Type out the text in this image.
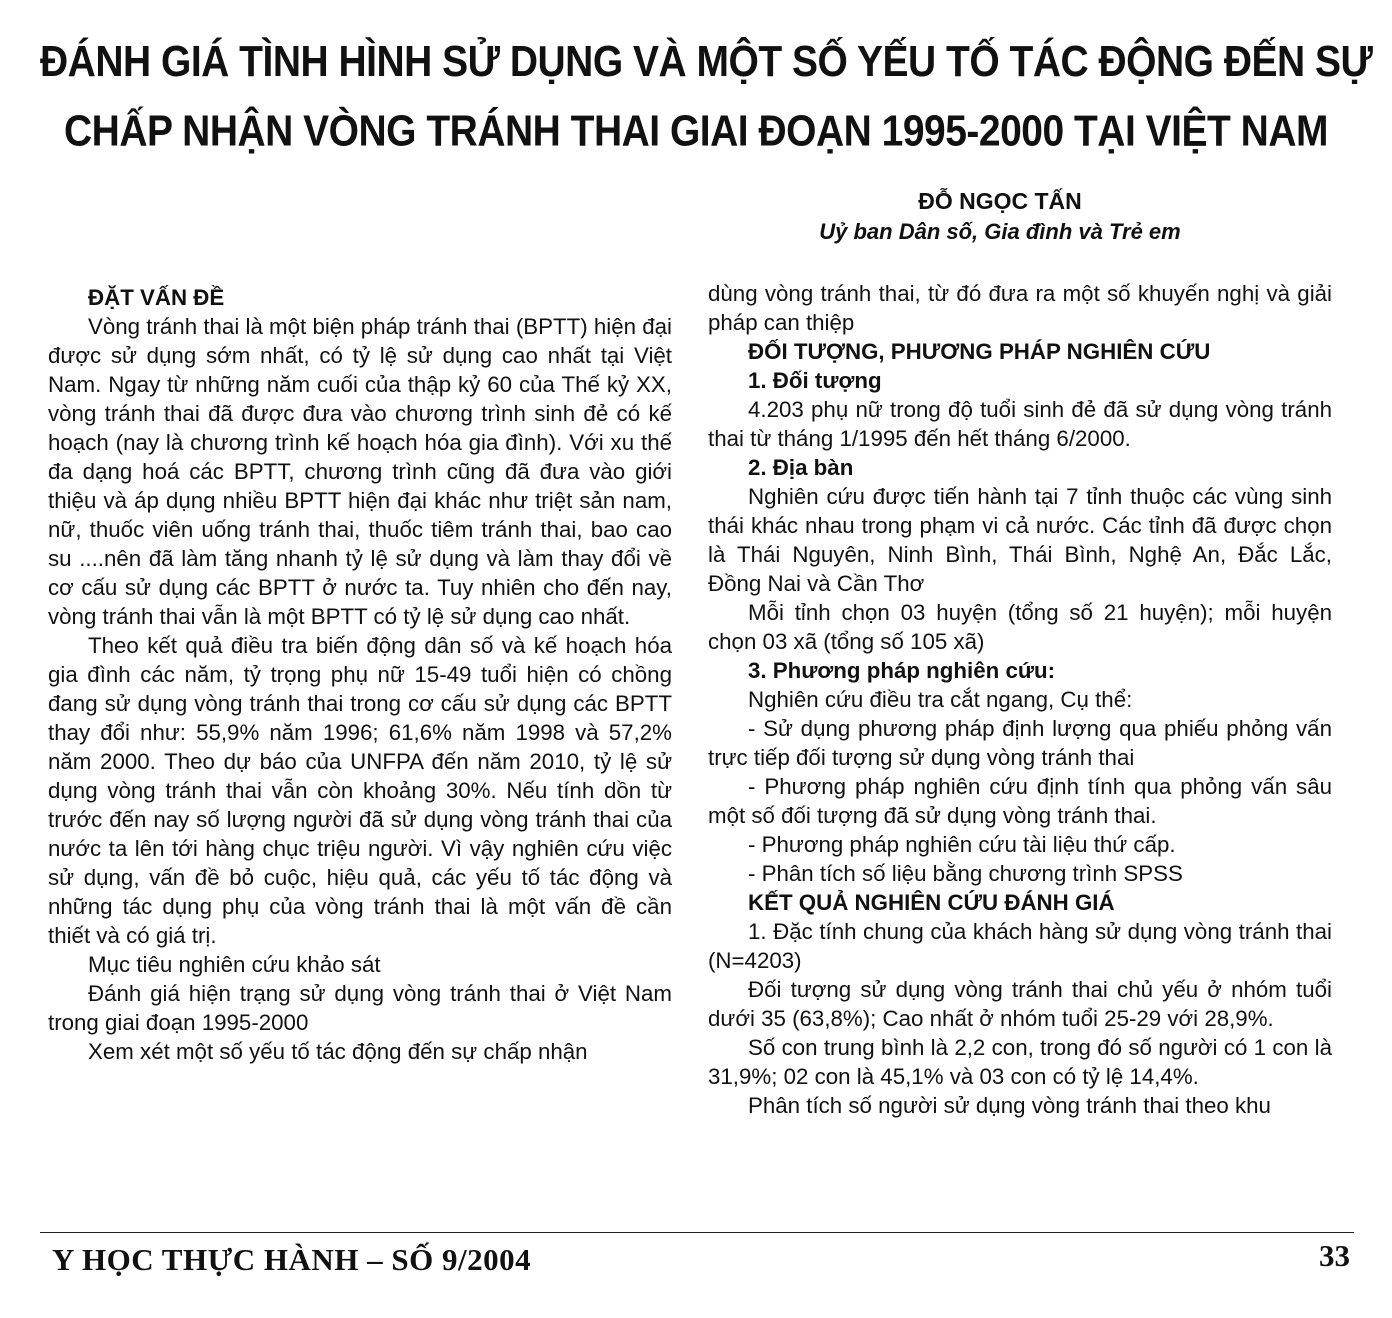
ĐÁNH GIÁ TÌNH HÌNH SỬ DỤNG VÀ MỘT SỐ YẾU TỐ TÁC ĐỘNG ĐẾN SỰ
CHẤP NHẬN VÒNG TRÁNH THAI GIAI ĐOẠN 1995-2000 TẠI VIỆT NAM
ĐỖ NGỌC TẤN
Uỷ ban Dân số, Gia đình và Trẻ em
ĐẶT VẤN ĐỀ

Vòng tránh thai là một biện pháp tránh thai (BPTT) hiện đại được sử dụng sớm nhất, có tỷ lệ sử dụng cao nhất tại Việt Nam. Ngay từ những năm cuối của thập kỷ 60 của Thế kỷ XX, vòng tránh thai đã được đưa vào chương trình sinh đẻ có kế hoạch (nay là chương trình kế hoạch hóa gia đình). Với xu thế đa dạng hoá các BPTT, chương trình cũng đã đưa vào giới thiệu và áp dụng nhiều BPTT hiện đại khác như triệt sản nam, nữ, thuốc viên uống tránh thai, thuốc tiêm tránh thai, bao cao su ....nên đã làm tăng nhanh tỷ lệ sử dụng và làm thay đổi về cơ cấu sử dụng các BPTT ở nước ta. Tuy nhiên cho đến nay, vòng tránh thai vẫn là một BPTT có tỷ lệ sử dụng cao nhất.

Theo kết quả điều tra biến động dân số và kế hoạch hóa gia đình các năm, tỷ trọng phụ nữ 15-49 tuổi hiện có chồng đang sử dụng vòng tránh thai trong cơ cấu sử dụng các BPTT thay đổi như: 55,9% năm 1996; 61,6% năm 1998 và 57,2% năm 2000. Theo dự báo của UNFPA đến năm 2010, tỷ lệ sử dụng vòng tránh thai vẫn còn khoảng 30%. Nếu tính dồn từ trước đến nay số lượng người đã sử dụng vòng tránh thai của nước ta lên tới hàng chục triệu người. Vì vậy nghiên cứu việc sử dụng, vấn đề bỏ cuộc, hiệu quả, các yếu tố tác động và những tác dụng phụ của vòng tránh thai là một vấn đề cần thiết và có giá trị.

Mục tiêu nghiên cứu khảo sát

Đánh giá hiện trạng sử dụng vòng tránh thai ở Việt Nam trong giai đoạn 1995-2000

Xem xét một số yếu tố tác động đến sự chấp nhận

dùng vòng tránh thai, từ đó đưa ra một số khuyến nghị và giải pháp can thiệp

ĐỐI TƯỢNG, PHƯƠNG PHÁP NGHIÊN CỨU
1. Đối tượng

4.203 phụ nữ trong độ tuổi sinh đẻ đã sử dụng vòng tránh thai từ tháng 1/1995 đến hết tháng 6/2000.

2. Địa bàn

Nghiên cứu được tiến hành tại 7 tỉnh thuộc các vùng sinh thái khác nhau trong phạm vi cả nước. Các tỉnh đã được chọn là Thái Nguyên, Ninh Bình, Thái Bình, Nghệ An, Đắc Lắc, Đồng Nai và Cần Thơ

Mỗi tỉnh chọn 03 huyện (tổng số 21 huyện); mỗi huyện chọn 03 xã (tổng số 105 xã)

3. Phương pháp nghiên cứu:

Nghiên cứu điều tra cắt ngang, Cụ thể:

- Sử dụng phương pháp định lượng qua phiếu phỏng vấn trực tiếp đối tượng sử dụng vòng tránh thai

- Phương pháp nghiên cứu định tính qua phỏng vấn sâu một số đối tượng đã sử dụng vòng tránh thai.

- Phương pháp nghiên cứu tài liệu thứ cấp.

- Phân tích số liệu bằng chương trình SPSS

KẾT QUẢ NGHIÊN CỨU ĐÁNH GIÁ

1. Đặc tính chung của khách hàng sử dụng vòng tránh thai (N=4203)

Đối tượng sử dụng vòng tránh thai chủ yếu ở nhóm tuổi dưới 35 (63,8%); Cao nhất ở nhóm tuổi 25-29 với 28,9%.

Số con trung bình là 2,2 con, trong đó số người có 1 con là 31,9%; 02 con là 45,1% và 03 con có tỷ lệ 14,4%.

Phân tích số người sử dụng vòng tránh thai theo khu

Y HỌC THỰC HÀNH – SỐ 9/2004	33
